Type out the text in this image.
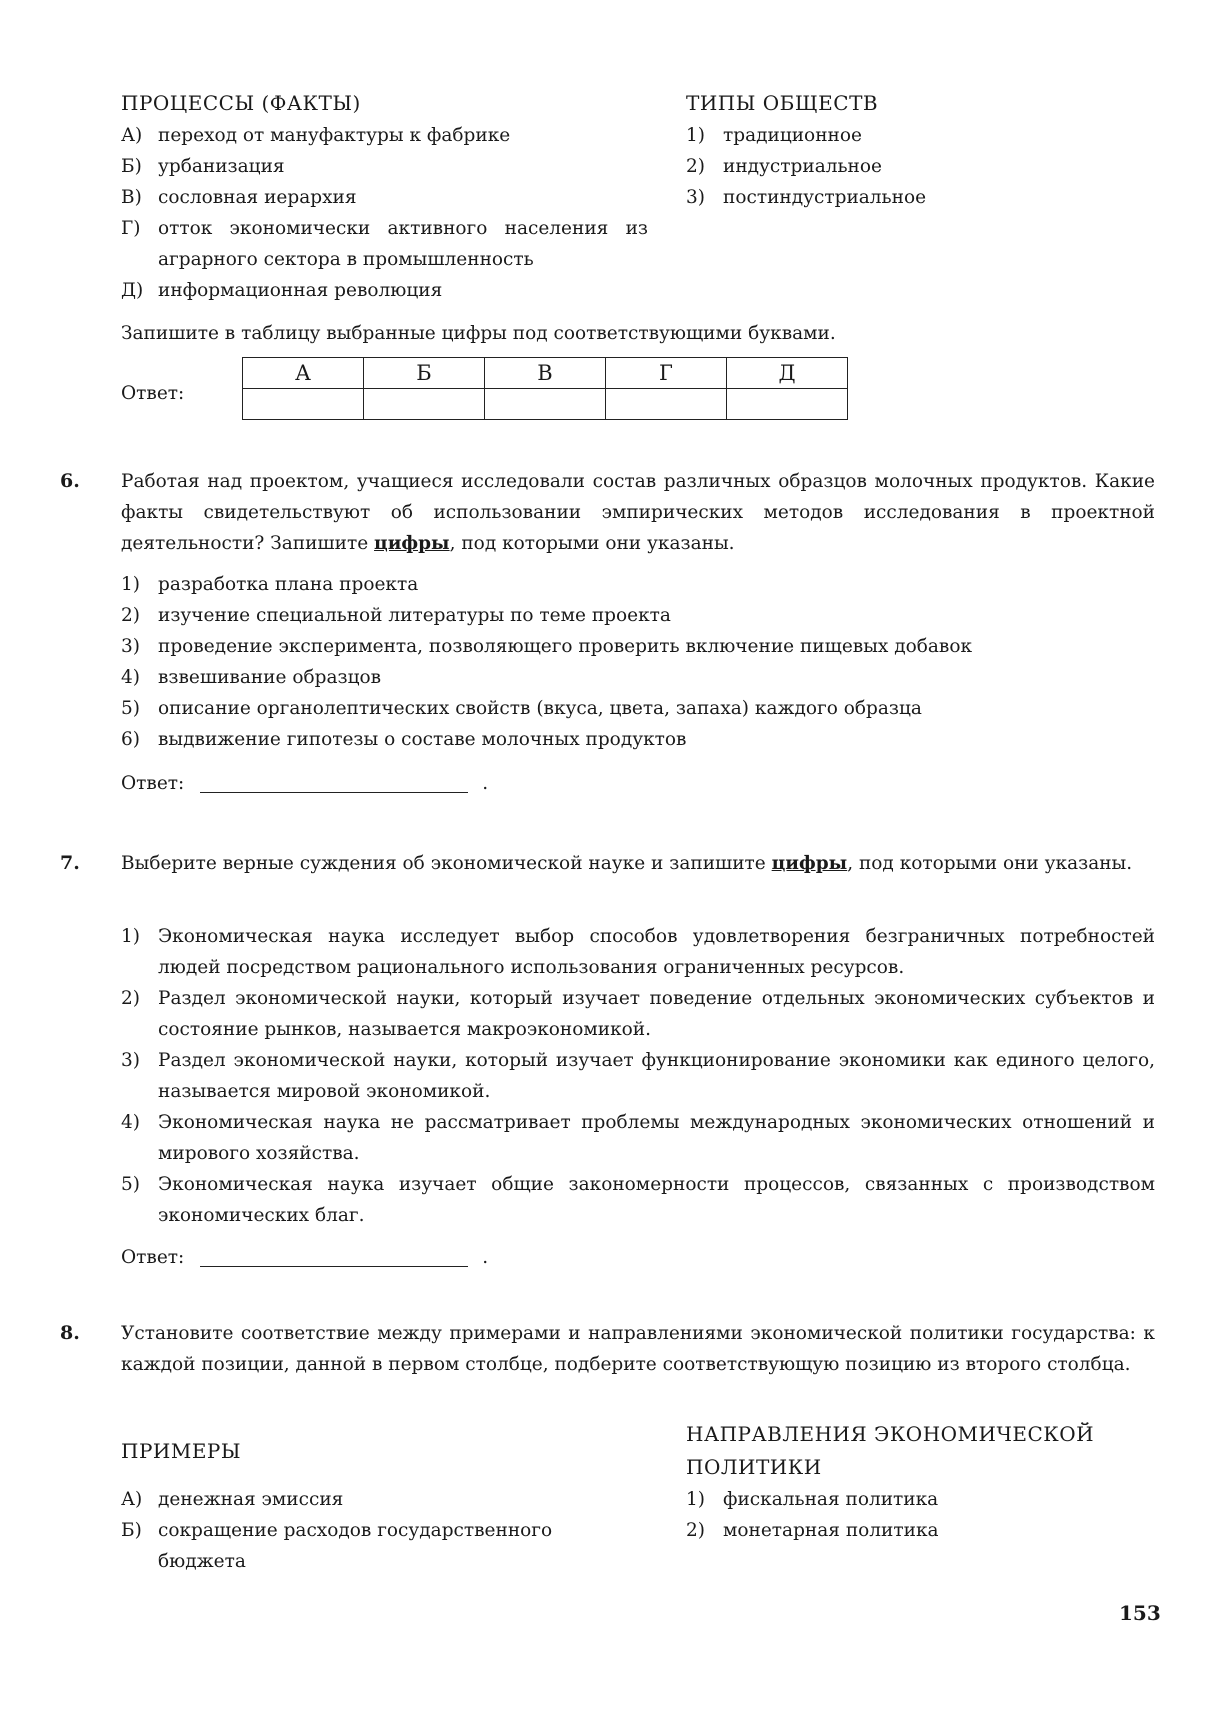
ПРОЦЕССЫ (ФАКТЫ)	ТИПЫ ОБЩЕСТВ
А) переход от мануфактуры к фабрике
Б) урбанизация
В) сословная иерархия
Г) отток экономически активного населения из аграрного сектора в промышленность
Д) информационная революция
1) традиционное
2) индустриальное
3) постиндустриальное
Запишите в таблицу выбранные цифры под соответствующими буквами.
Ответ:
А	Б	В	Г	Д

6. Работая над проектом, учащиеся исследовали состав различных образцов молочных продуктов. Какие факты свидетельствуют об использовании эмпирических методов исследования в проектной деятельности? Запишите цифры, под которыми они указаны.
1) разработка плана проекта
2) изучение специальной литературы по теме проекта
3) проведение эксперимента, позволяющего проверить включение пищевых добавок
4) взвешивание образцов
5) описание органолептических свойств (вкуса, цвета, запаха) каждого образца
6) выдвижение гипотезы о составе молочных продуктов
Ответ:	.
7. Выберите верные суждения об экономической науке и запишите цифры, под которыми они указаны.
1) Экономическая наука исследует выбор способов удовлетворения безграничных потребностей людей посредством рационального использования ограниченных ресурсов.
2) Раздел экономической науки, который изучает поведение отдельных экономических субъектов и состояние рынков, называется макроэкономикой.
3) Раздел экономической науки, который изучает функционирование экономики как единого целого, называется мировой экономикой.
4) Экономическая наука не рассматривает проблемы международных экономических отношений и мирового хозяйства.
5) Экономическая наука изучает общие закономерности процессов, связанных с производством экономических благ.
Ответ:	.
8. Установите соответствие между примерами и направлениями экономической политики государства: к каждой позиции, данной в первом столбце, подберите соответствующую позицию из второго столбца.
ПРИМЕРЫ
НАПРАВЛЕНИЯ ЭКОНОМИЧЕСКОЙ ПОЛИТИКИ
А) денежная эмиссия
Б) сокращение расходов государственного бюджета
1) фискальная политика
2) монетарная политика
153
